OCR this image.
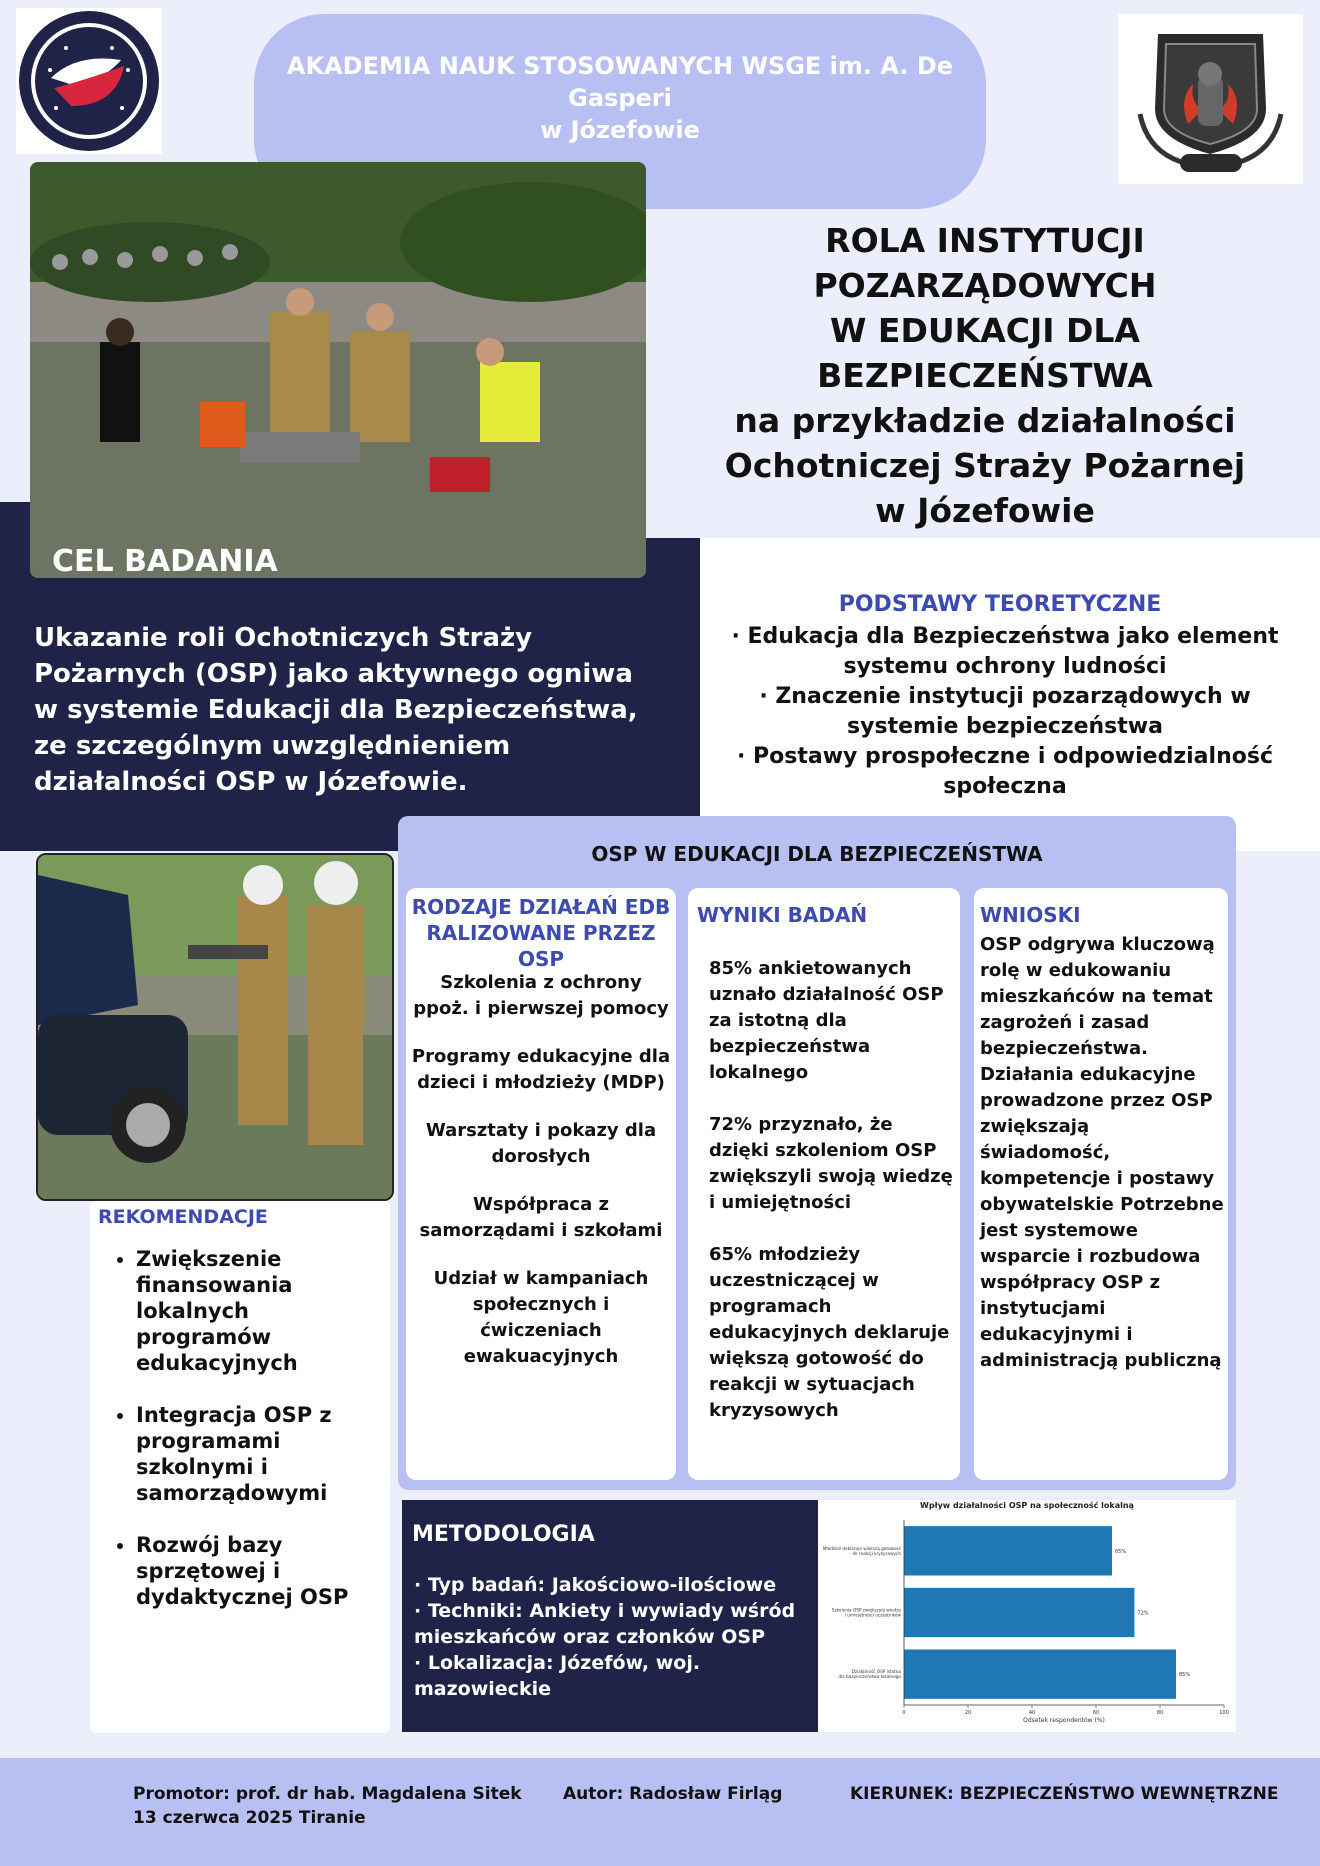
AKADEMIA NAUK STOSOWANYCH WSGE im. A. De Gasperi
w Józefowie
ROLA INSTYTUCJI POZARZĄDOWYCH
W EDUKACJI DLA BEZPIECZEŃSTWA
na przykładzie działalności
Ochotniczej Straży Pożarnej
w Józefowie
CEL BADANIA
Ukazanie roli Ochotniczych Straży Pożarnych (OSP) jako aktywnego ogniwa w systemie Edukacji dla Bezpieczeństwa, ze szczególnym uwzględnieniem działalności OSP w Józefowie.
PODSTAWY TEORETYCZNE
· Edukacja dla Bezpieczeństwa jako element systemu ochrony ludności
· Znaczenie instytucji pozarządowych w systemie bezpieczeństwa
· Postawy prospołeczne i odpowiedzialność społeczna
OSP W EDUKACJI DLA BEZPIECZEŃSTWA
RODZAJE DZIAŁAŃ EDB RALIZOWANE PRZEZ OSP
Szkolenia z ochrony ppoż. i pierwszej pomocy
Programy edukacyjne dla dzieci i młodzieży (MDP)
Warsztaty i pokazy dla dorosłych
Współpraca z samorządami i szkołami
Udział w kampaniach społecznych i ćwiczeniach ewakuacyjnych
WYNIKI BADAŃ
85% ankietowanych uznało działalność OSP za istotną dla bezpieczeństwa lokalnego
72% przyznało, że dzięki szkoleniom OSP zwiększyli swoją wiedzę i umiejętności
65% młodzieży uczestniczącej w programach edukacyjnych deklaruje większą gotowość do reakcji w sytuacjach kryzysowych
WNIOSKI
OSP odgrywa kluczową rolę w edukowaniu mieszkańców na temat zagrożeń i zasad bezpieczeństwa. Działania edukacyjne prowadzone przez OSP zwiększają świadomość, kompetencje i postawy obywatelskie Potrzebne jest systemowe wsparcie i rozbudowa współpracy OSP z instytucjami edukacyjnymi i administracją publiczną
REKOMENDACJE
• Zwiększenie finansowania lokalnych programów edukacyjnych
• Integracja OSP z programami szkolnymi i samorządowymi
• Rozwój bazy sprzętowej i dydaktycznej OSP
METODOLOGIA
· Typ badań: Jakościowo-ilościowe
· Techniki: Ankiety i wywiady wśród mieszkańców oraz członków OSP
· Lokalizacja: Józefów, woj. mazowieckie
Wpływ działalności OSP na społeczność lokalną
65%
Młodzież deklaruje większą gotowość
do reakcji kryzysowych
72%
Szkolenia OSP zwiększyły wiedzę
i umiejętności uczestników
85%
Działalność OSP istotna
dla bezpieczeństwa lokalnego
0	20	40	60	80	100
Odsetek respondentów (%)
Promotor: prof. dr hab. Magdalena Sitek
13 czerwca 2025 Tiranie
Autor: Radosław Firląg	KIERUNEK: BEZPIECZEŃSTWO WEWNĘTRZNE
